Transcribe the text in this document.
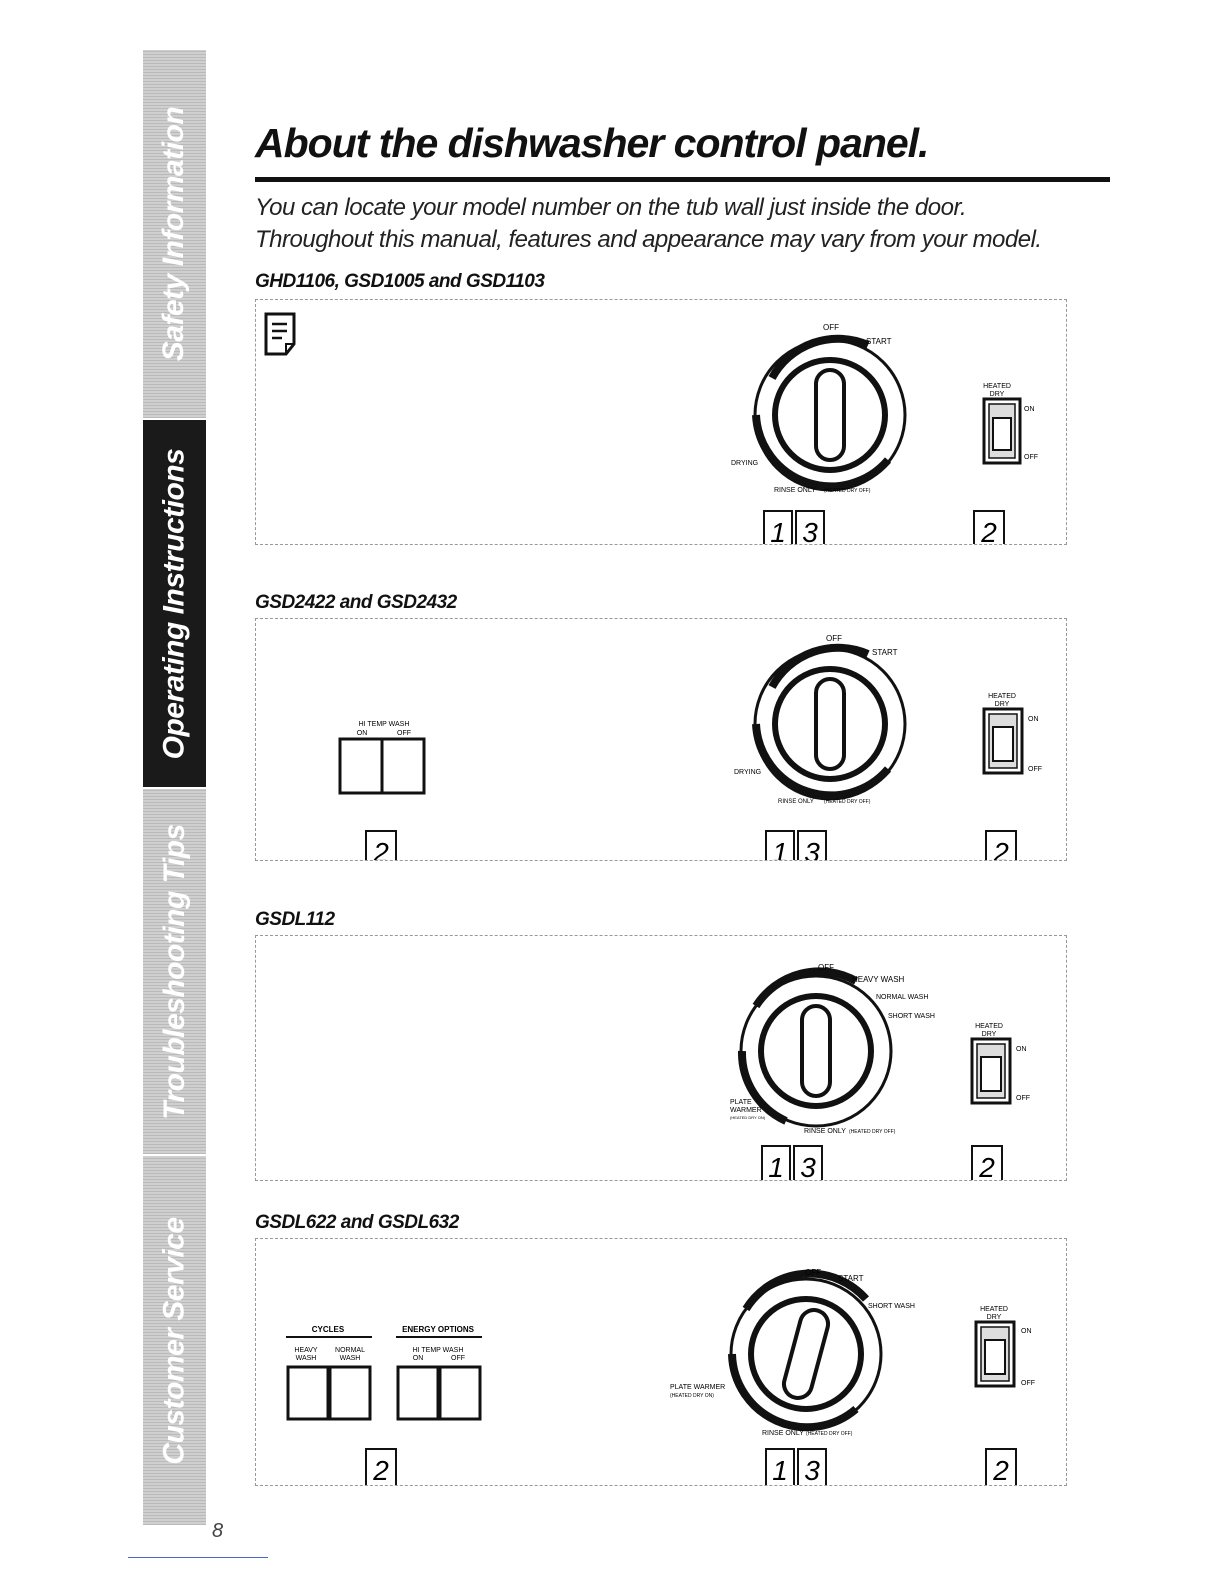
Safety Information
Operating Instructions
Troubleshooting Tips
Customer Service
About the dishwasher control panel.
You can locate your model number on the tub wall just inside the door.
Throughout this manual, features and appearance may vary from your model.
GHD1106, GSD1005 and GSD1103
OFF
START
DRYING
RINSE ONLY (HEATED DRY OFF)
HEATED
DRY
ON
OFF
1 3	2
GSD2422 and GSD2432
HI TEMP WASH
ON	OFF
OFF
START
DRYING
RINSE ONLY (HEATED DRY OFF)
HEATED
DRY
ON
OFF
2	1 3	2
GSDL112
OFF
HEAVY WASH
NORMAL WASH
SHORT WASH
PLATE
WARMER
(HEATED DRY ON)
RINSE ONLY (HEATED DRY OFF)
HEATED
DRY
ON
OFF
1 3	2
GSDL622 and GSDL632
CYCLES
HEAVY
WASH
NORMAL
WASH
ENERGY OPTIONS
HI TEMP WASH
ON	OFF
OFF
START
SHORT WASH
PLATE WARMER
(HEATED DRY ON)
RINSE ONLY (HEATED DRY OFF)
HEATED
DRY
ON
OFF
2	1 3	2
8
